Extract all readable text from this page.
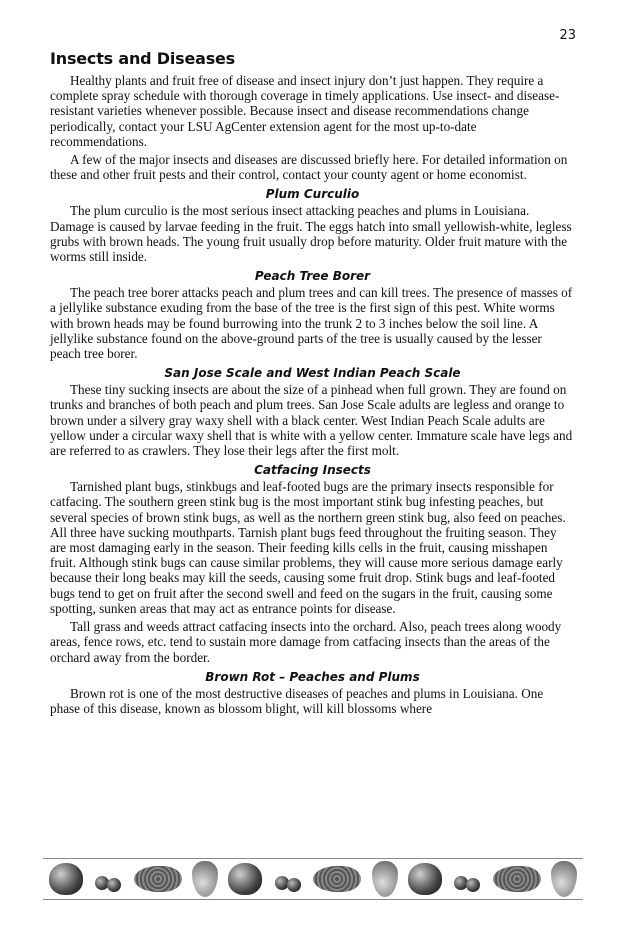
23
Insects and Diseases

Healthy plants and fruit free of disease and insect injury don’t just happen. They require a complete spray schedule with thorough coverage in timely applications. Use insect- and disease-resistant varieties whenever possible. Because insect and disease recommendations change periodically, contact your LSU AgCenter extension agent for the most up-to-date recommendations.

A few of the major insects and diseases are discussed briefly here. For detailed information on these and other fruit pests and their control, contact your county agent or home economist.

Plum Curculio

The plum curculio is the most serious insect attacking peaches and plums in Louisiana. Damage is caused by larvae feeding in the fruit. The eggs hatch into small yellowish-white, legless grubs with brown heads. The young fruit usually drop before maturity. Older fruit mature with the worms still inside.

Peach Tree Borer

The peach tree borer attacks peach and plum trees and can kill trees. The presence of masses of a jellylike substance exuding from the base of the tree is the first sign of this pest. White worms with brown heads may be found burrowing into the trunk 2 to 3 inches below the soil line. A jellylike substance found on the above-ground parts of the tree is usually caused by the lesser peach tree borer.

San Jose Scale and West Indian Peach Scale

These tiny sucking insects are about the size of a pinhead when full grown. They are found on trunks and branches of both peach and plum trees. San Jose Scale adults are legless and orange to brown under a silvery gray waxy shell with a black center. West Indian Peach Scale adults are yellow under a circular waxy shell that is white with a yellow center. Immature scale have legs and are referred to as crawlers. They lose their legs after the first molt.

Catfacing Insects

Tarnished plant bugs, stinkbugs and leaf-footed bugs are the primary insects responsible for catfacing. The southern green stink bug is the most important stink bug infesting peaches, but several species of brown stink bugs, as well as the northern green stink bug, also feed on peaches. All three have sucking mouthparts. Tarnish plant bugs feed throughout the fruiting season. They are most damaging early in the season. Their feeding kills cells in the fruit, causing misshapen fruit. Although stink bugs can cause similar problems, they will cause more serious damage early because their long beaks may kill the seeds, causing some fruit drop. Stink bugs and leaf-footed bugs tend to get on fruit after the second swell and feed on the sugars in the fruit, causing some spotting, sunken areas that may act as entrance points for disease.

Tall grass and weeds attract catfacing insects into the orchard. Also, peach trees along woody areas, fence rows, etc. tend to sustain more damage from catfacing insects than the areas of the orchard away from the border.

Brown Rot – Peaches and Plums

Brown rot is one of the most destructive diseases of peaches and plums in Louisiana. One phase of this disease, known as blossom blight, will kill blossoms where
